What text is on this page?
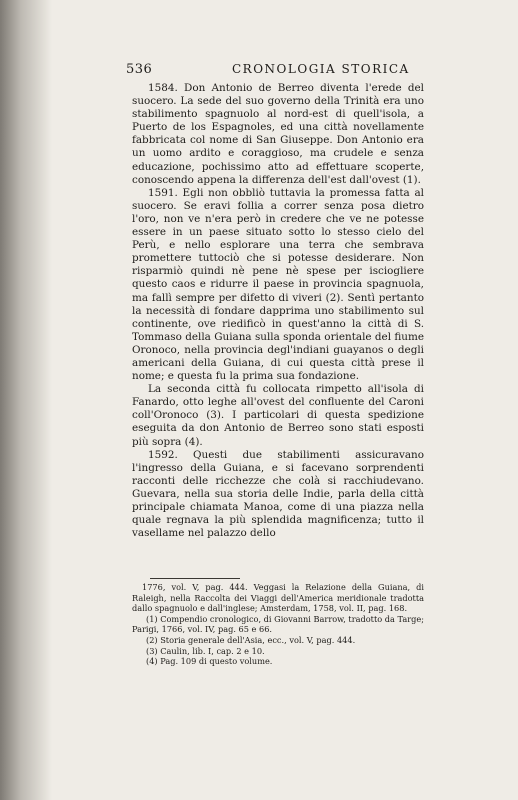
536	CRONOLOGIA STORICA

1584. Don Antonio de Berreo diventa l'erede del suocero. La sede del suo governo della Trinità era uno stabilimento spagnuolo al nord-est di quell'isola, a Puerto de los Espagnoles, ed una città novellamente fabbricata col nome di San Giuseppe. Don Antonio era un uomo ardito e coraggioso, ma crudele e senza educazione, pochissimo atto ad effettuare scoperte, conoscendo appena la differenza dell'est dall'ovest (1).

1591. Egli non obbliò tuttavia la promessa fatta al suocero. Se eravi follia a correr senza posa dietro l'oro, non ve n'era però in credere che ve ne potesse essere in un paese situato sotto lo stesso cielo del Perù, e nello esplorare una terra che sembrava promettere tuttociò che si potesse desiderare. Non risparmiò quindi nè pene nè spese per iscioglierе questo caos e ridurre il paese in provincia spagnuola, ma fallì sempre per difetto di viveri (2). Sentì pertanto la necessità di fondare dapprima uno stabilimento sul continente, ove riedificò in quest'anno la città di S. Tommaso della Guiana sulla sponda orientale del fiume Oronoco, nella provincia degl'indiani guayanos o degli americani della Guiana, di cui questa città prese il nome; e questa fu la prima sua fondazione.

La seconda città fu collocata rimpetto all'isola di Fanardo, otto leghe all'ovest del confluente del Caroni coll'Oronoco (3). I particolari di questa spedizione eseguita da don Antonio de Berreo sono stati esposti più sopra (4).

1592. Questi due stabilimenti assicuravano l'ingresso della Guiana, e si facevano sorprendenti racconti delle ricchezze che colà si racchiudevano. Guevara, nella sua storia delle Indie, parla della città principale chiamata Manoa, come di una piazza nella quale regnava la più splendida magnificenza; tutto il vasellame nel palazzo dello

1776, vol. V, pag. 444. Veggasi la Relazione della Guiana, di Raleigh, nella Raccolta dei Viaggi dell'America meridionale tradotta dallo spagnuolo e dall'inglese; Amsterdam, 1758, vol. II, pag. 168.

(1) Compendio cronologico, di Giovanni Barrow, tradotto da Targe; Parigi, 1766, vol. IV, pag. 65 e 66.

(2) Storia generale dell'Asia, ecc., vol. V, pag. 444.

(3) Caulin, lib. I, cap. 2 e 10.

(4) Pag. 109 di questo volume.
